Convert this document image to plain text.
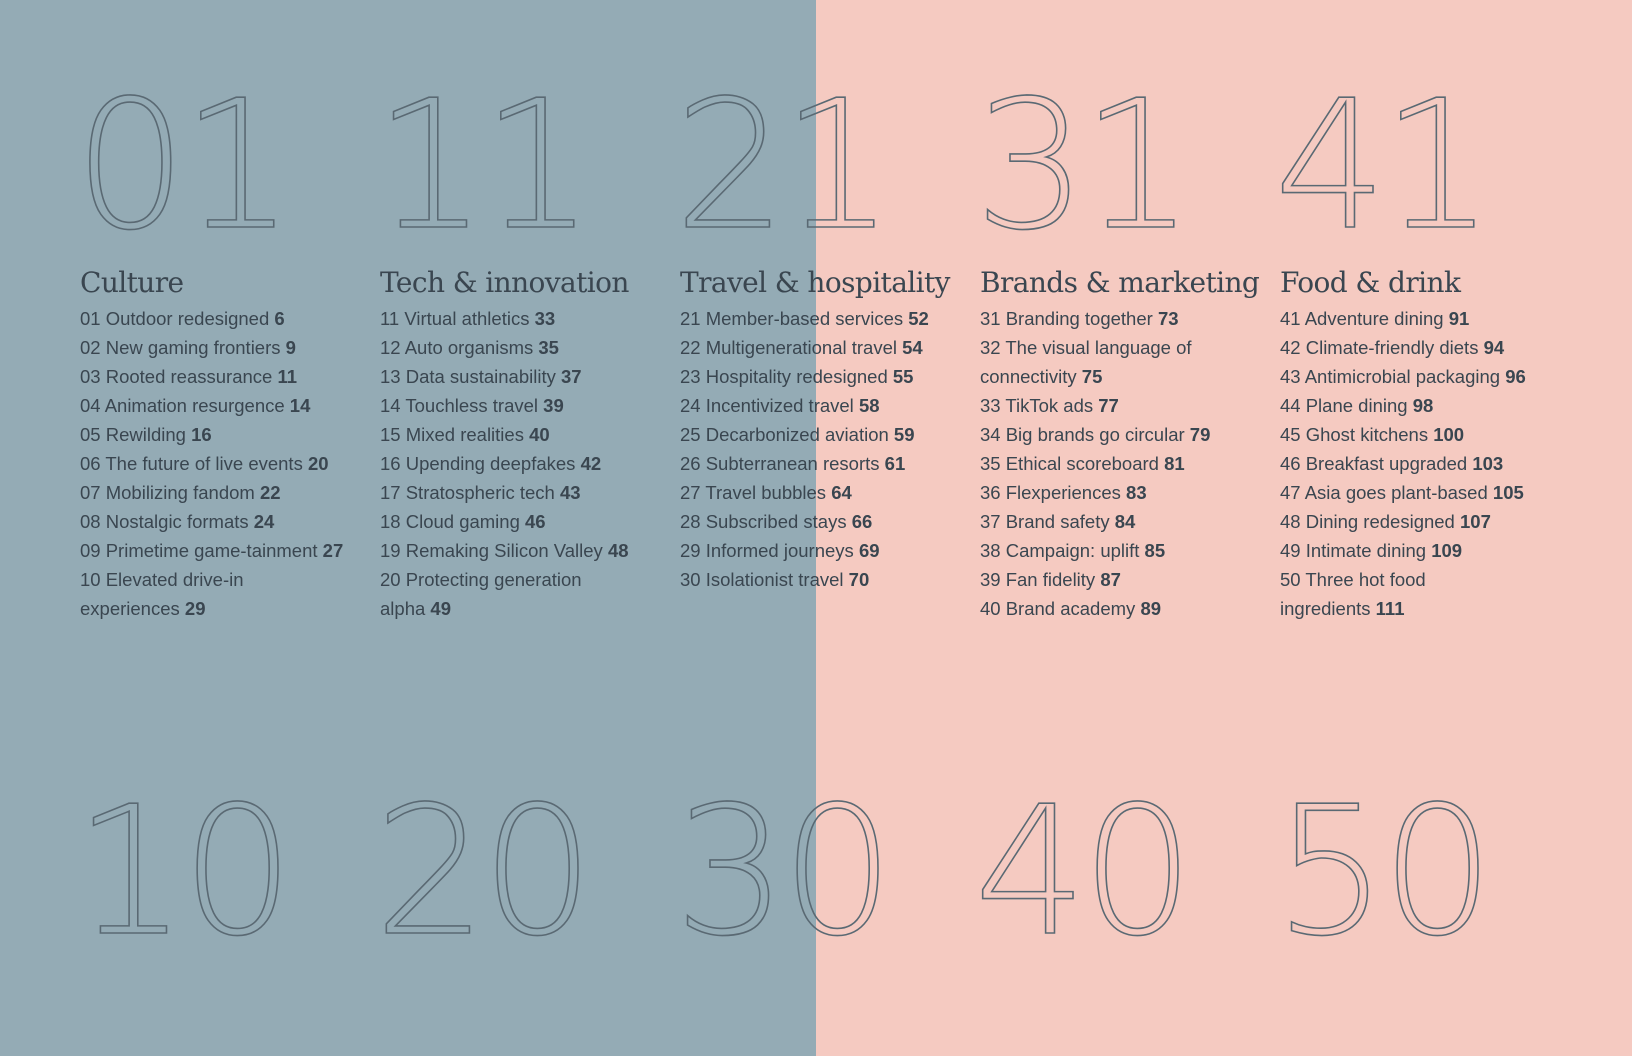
01
Culture
01 Outdoor redesigned 6
02 New gaming frontiers 9
03 Rooted reassurance 11
04 Animation resurgence 14
05 Rewilding 16
06 The future of live events 20
07 Mobilizing fandom 22
08 Nostalgic formats 24
09 Primetime game-tainment 27
10 Elevated drive-in
experiences 29
10
11
Tech & innovation
11 Virtual athletics 33
12 Auto organisms 35
13 Data sustainability 37
14 Touchless travel 39
15 Mixed realities 40
16 Upending deepfakes 42
17 Stratospheric tech 43
18 Cloud gaming 46
19 Remaking Silicon Valley 48
20 Protecting generation
alpha 49
20
21
Travel & hospitality
21 Member-based services 52
22 Multigenerational travel 54
23 Hospitality redesigned 55
24 Incentivized travel 58
25 Decarbonized aviation 59
26 Subterranean resorts 61
27 Travel bubbles 64
28 Subscribed stays 66
29 Informed journeys 69
30 Isolationist travel 70
30
31
Brands & marketing
31 Branding together 73
32 The visual language of
connectivity 75
33 TikTok ads 77
34 Big brands go circular 79
35 Ethical scoreboard 81
36 Flexperiences 83
37 Brand safety 84
38 Campaign: uplift 85
39 Fan fidelity 87
40 Brand academy 89
40
41
Food & drink
41 Adventure dining 91
42 Climate-friendly diets 94
43 Antimicrobial packaging 96
44 Plane dining 98
45 Ghost kitchens 100
46 Breakfast upgraded 103
47 Asia goes plant-based 105
48 Dining redesigned 107
49 Intimate dining 109
50 Three hot food
ingredients 111
50
